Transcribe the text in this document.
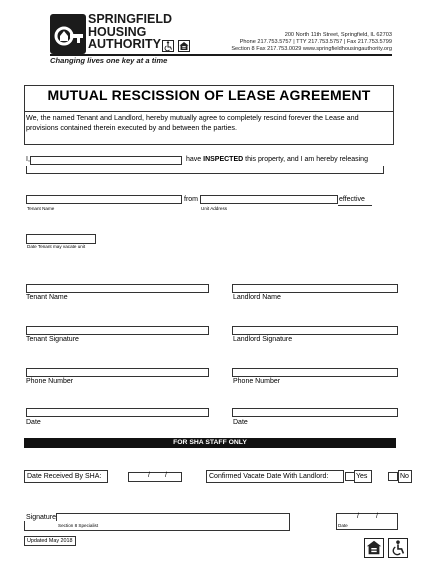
SPRINGFIELD
HOUSING
AUTHORITY
200 North 11th Street, Springfield, IL 62703
Phone 217.753.5757 | TTY 217.753.5757 | Fax 217.753.5799
Section 8 Fax 217.753.0029 www.springfieldhousingauthority.org
Changing lives one key at a time
MUTUAL RESCISSION OF LEASE AGREEMENT
We, the named Tenant and Landlord, hereby mutually agree to completely rescind forever the Lease and provisions contained therein executed by and between the parties.
I,	have INSPECTED this property, and I am hereby releasing
Tenant Name
from
Unit Address
effective
Date Tenant may vacate unit
Tenant Name	Landlord Name
Tenant Signature	Landlord Signature
Phone Number	Phone Number
Date	Date
FOR SHA STAFF ONLY
Date Received By SHA:	/ /	Confirmed Vacate Date With Landlord:	Yes	No
Signature
Section 8 Specialist
/ /
Date
Updated May 2018
